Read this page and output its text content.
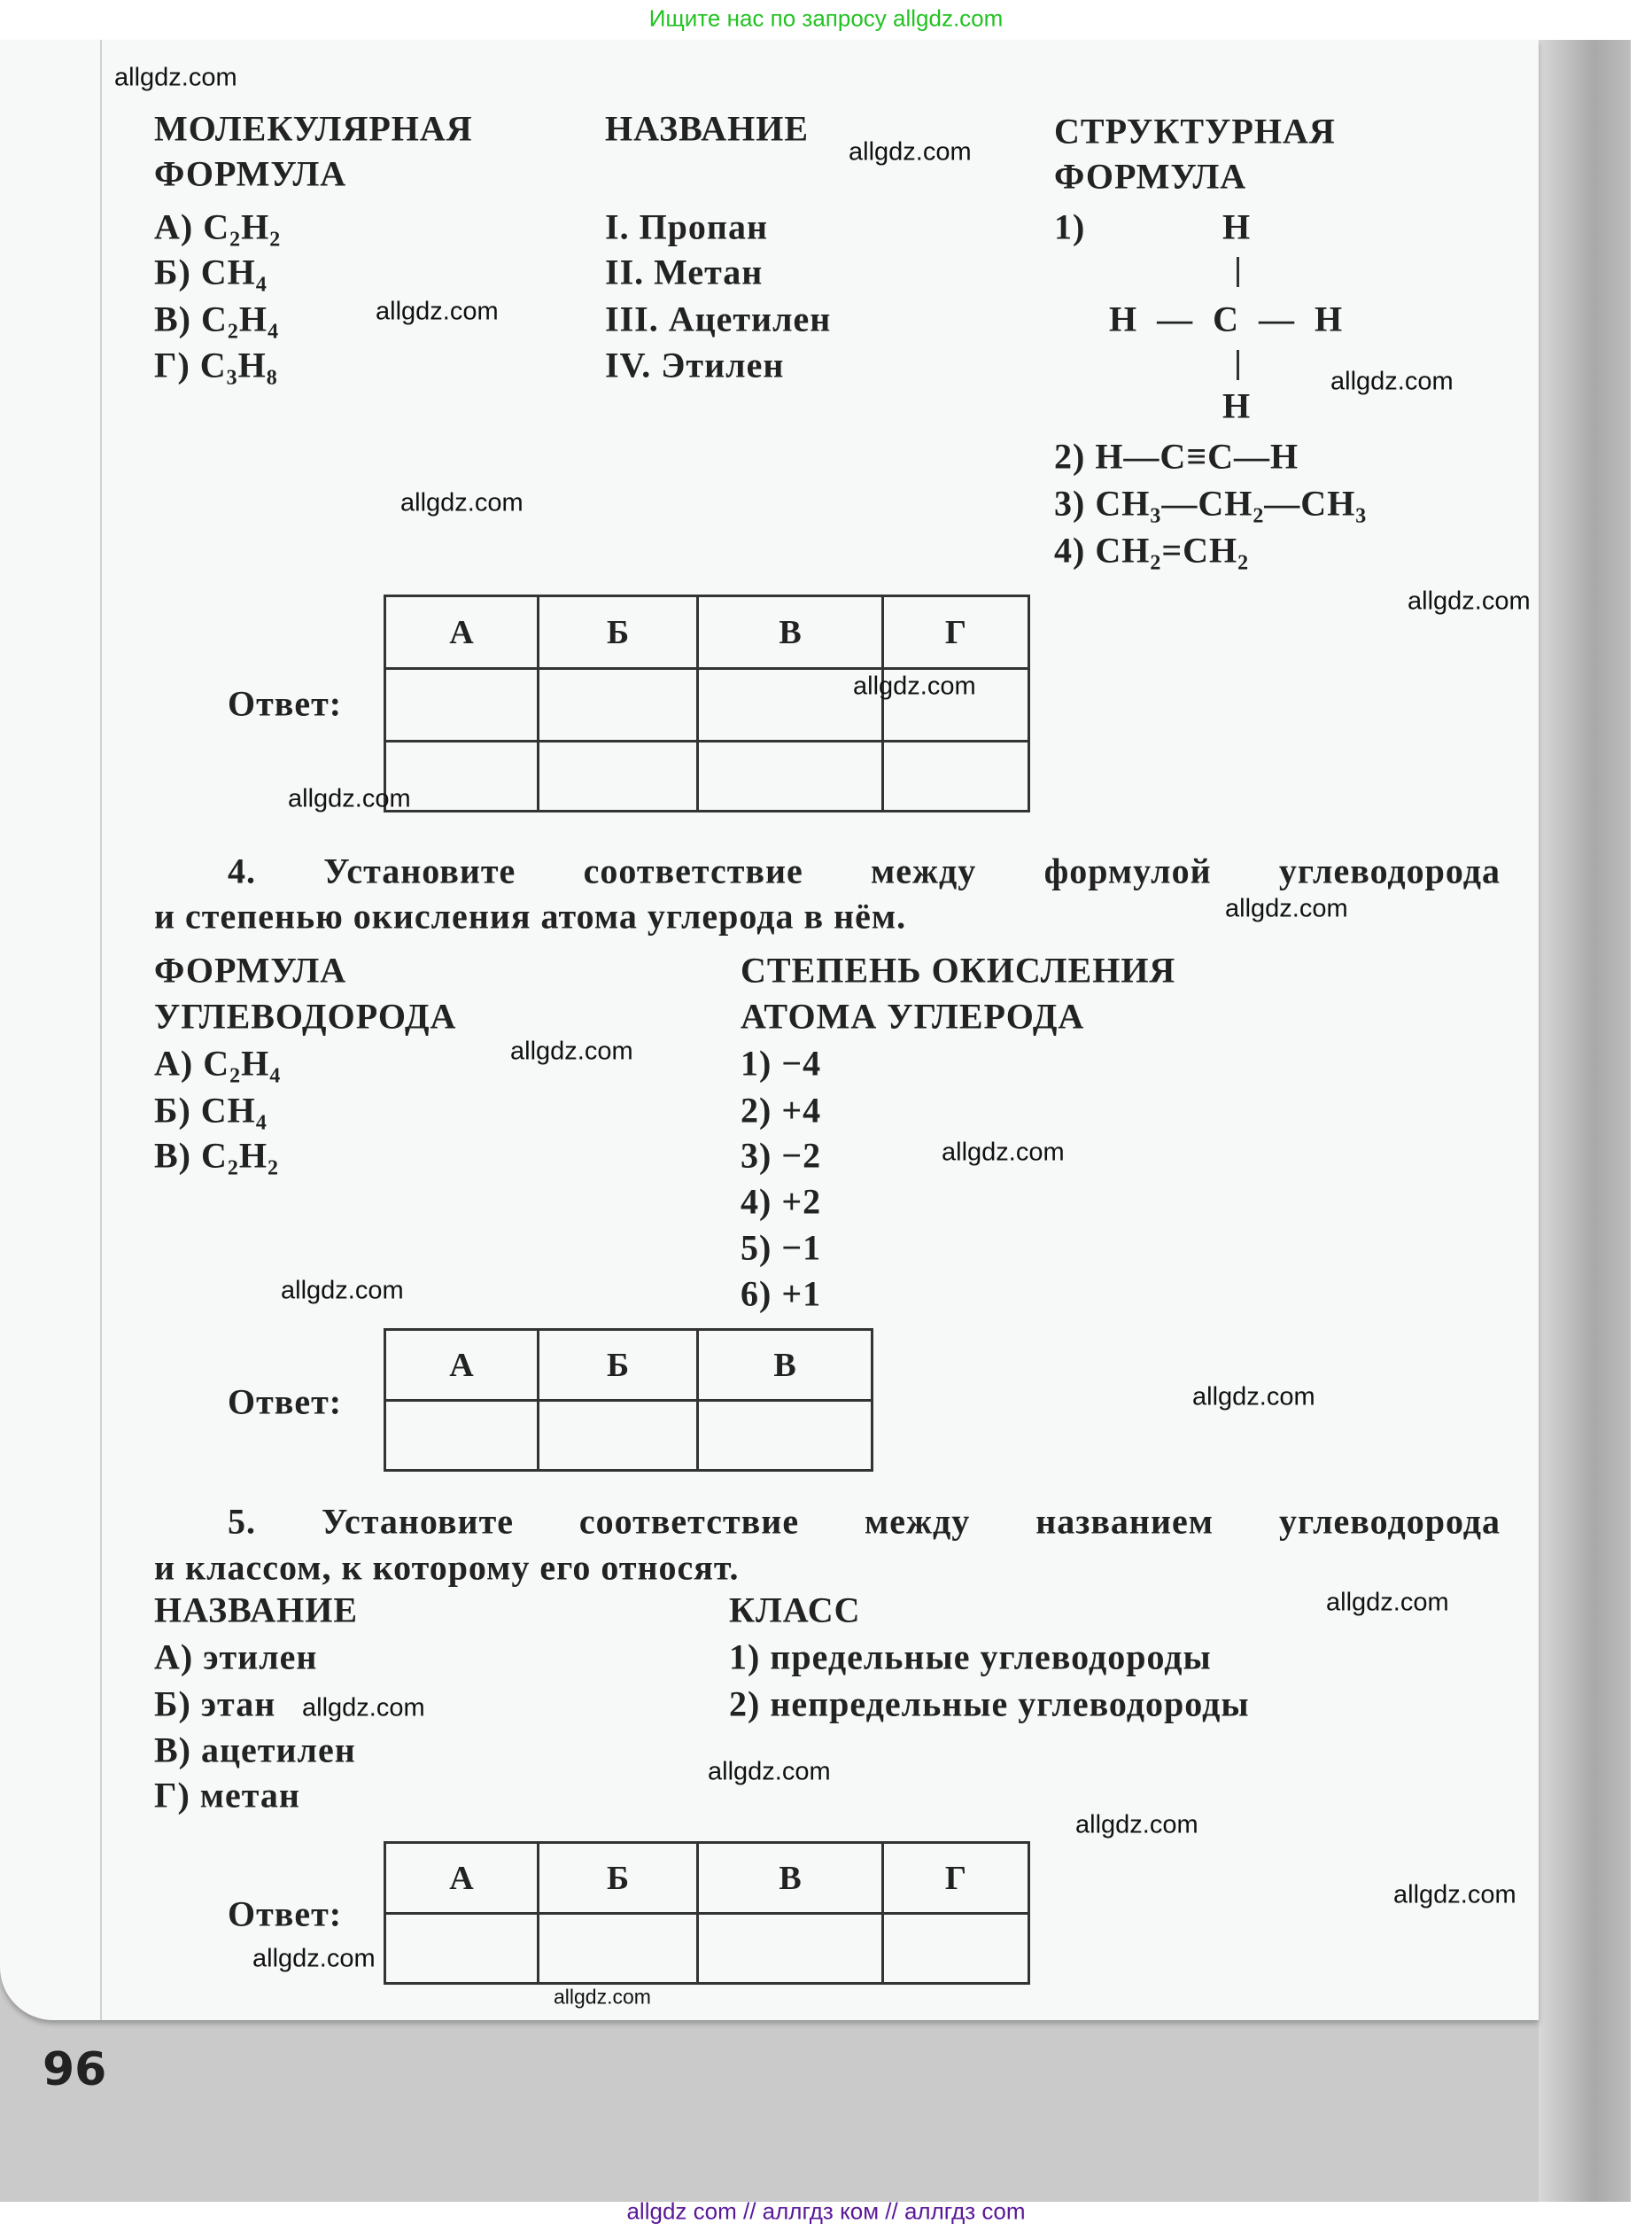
Ищите нас по запросу allgdz.com
МОЛЕКУЛЯРНАЯ
ФОРМУЛА
НАЗВАНИЕ	СТРУКТУРНАЯ
ФОРМУЛА
А) C₂H₂
Б) CH₄
В) C₂H₄
Г) C₃H₈
I. Пропан
II. Метан
III. Ацетилен
IV. Этилен
1)	H
H  —  C  —  H
H
2) H—C≡C—H
3) CH₃—CH₂—CH₃
4) CH₂=CH₂
Ответ:
А	Б	В	Г

4. Установите соответствие между формулой углеводорода
и степенью окисления атома углерода в нём.
ФОРМУЛА
УГЛЕВОДОРОДА
СТЕПЕНЬ ОКИСЛЕНИЯ
АТОМА УГЛЕРОДА
А) C₂H₄
Б) CH₄
В) C₂H₂
1) −4
2) +4
3) −2
4) +2
5) −1
6) +1
Ответ:
А	Б	В

5. Установите соответствие между названием углеводорода
и классом, к которому его относят.
НАЗВАНИЕ	КЛАСС
А) этилен
Б) этан
В) ацетилен
Г) метан
1) предельные углеводороды
2) непредельные углеводороды
Ответ:
А	Б	В	Г

allgdz.com
allgdz.com
allgdz.com
allgdz.com
allgdz.com
allgdz.com
allgdz.com
allgdz.com
allgdz.com
allgdz.com
allgdz.com
allgdz.com
allgdz.com
allgdz.com
allgdz.com
allgdz.com
allgdz.com
allgdz.com
allgdz.com
allgdz.com
96
allgdz com // аллгдз ком // аллгдз com
